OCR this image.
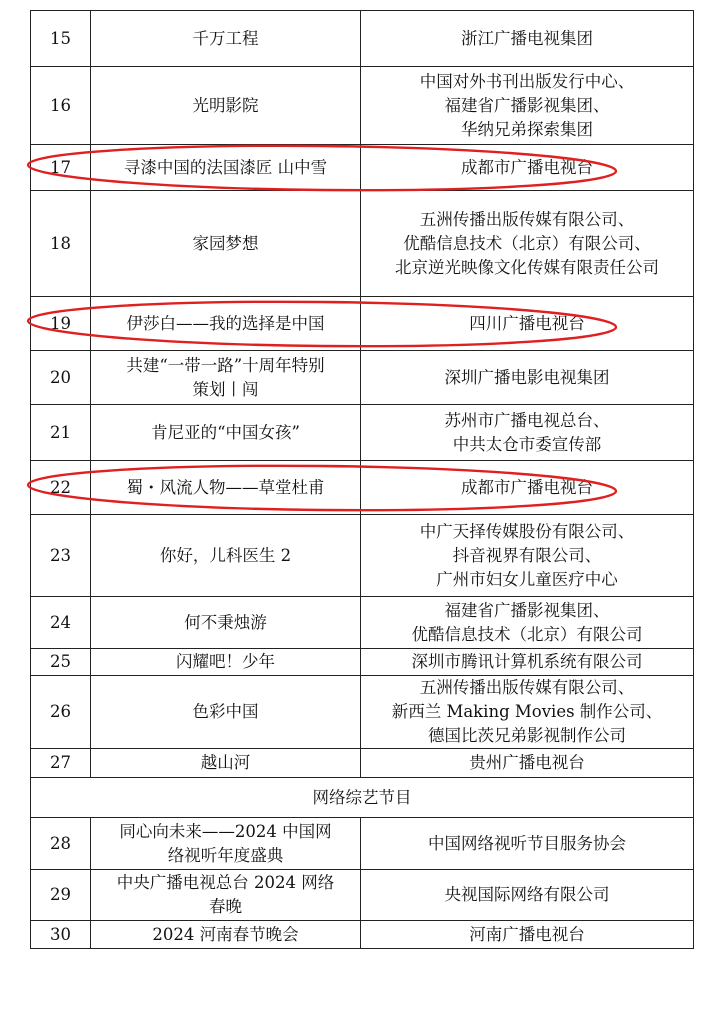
15	千万工程	浙江广播电视集团

16	光明影院	中国对外书刊出版发行中心、
福建省广播影视集团、
华纳兄弟探索集团

17	寻漆中国的法国漆匠 山中雪	成都市广播电视台

18	家园梦想	五洲传播出版传媒有限公司、
优酷信息技术（北京）有限公司、
北京逆光映像文化传媒有限责任公司

19	伊莎白——我的选择是中国	四川广播电视台

20	共建“一带一路”十周年特别
策划丨闯	深圳广播电影电视集团

21	肯尼亚的“中国女孩”	苏州市广播电视总台、
中共太仓市委宣传部

22	蜀・风流人物——草堂杜甫	成都市广播电视台

23	你好，儿科医生 2	中广天择传媒股份有限公司、
抖音视界有限公司、
广州市妇女儿童医疗中心

24	何不秉烛游	福建省广播影视集团、
优酷信息技术（北京）有限公司

25	闪耀吧！少年	深圳市腾讯计算机系统有限公司

26	色彩中国	五洲传播出版传媒有限公司、
新西兰 Making Movies 制作公司、
德国比茨兄弟影视制作公司

27	越山河	贵州广播电视台

网络综艺节目		
28	同心向未来——2024 中国网
络视听年度盛典	中国网络视听节目服务协会

29	中央广播电视总台 2024 网络
春晚	央视国际网络有限公司

30	2024 河南春节晚会	河南广播电视台
